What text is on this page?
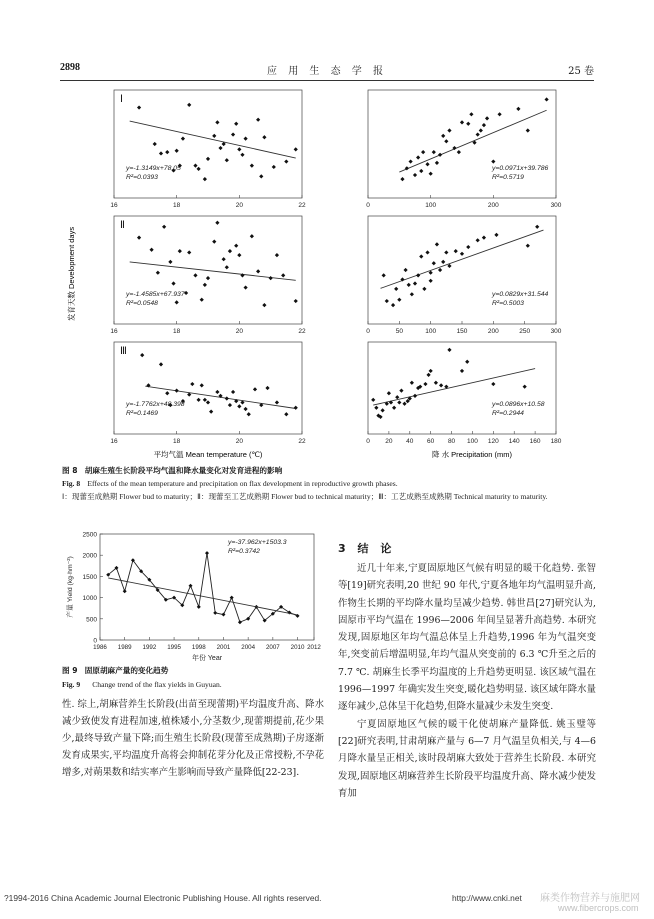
2898	应 用 生 态 学 报	25 卷
16	18	20	22
y=-1.3149x+78.05
R²=0.0393
Ⅰ
0	100	200	300
y=0.0971x+39.786
R²=0.5719
16	18	20	22
y=-1.4585x+67.937
R²=0.0548
Ⅱ
0	50	100	150	200	250	300
y=0.0829x+31.544
R²=0.5003
16	18	20	22
y=-1.7762x+48.398
R²=0.1469
Ⅲ
0 20 40 60 80 100 120 140 160 180
y=0.0896x+10.58
R²=0.2944
发育天数 Development days
平均气温 Mean temperature (℃)	降 水 Precipitation (mm)
图 8 胡麻生殖生长阶段平均气温和降水量变化对发育进程的影响
Fig. 8 Effects of the mean temperature and precipitation on flax development in reproductive growth phases.
Ⅰ：现蕾至成熟期 Flower bud to maturity；Ⅱ：现蕾至工艺成熟期 Flower bud to technical maturity；Ⅲ：工艺成熟至成熟期 Technical maturity to maturity.
0
500
1000
1500
2000
2500
1986 1989 1992 1995 1998 2001 2004 2007 2010 2012
y=-37.962x+1503.3
R²=0.3742
产量 Yield (kg·hm⁻²)
年份 Year
图 9 固原胡麻产量的变化趋势
Fig. 9 Change trend of the flax yields in Guyuan.

性. 综上,胡麻营养生长阶段(出苗至现蕾期)平均温度升高、降水减少致使发育进程加速,植株矮小,分茎数少,现蕾期提前,花少果少,最终导致产量下降;而生殖生长阶段(现蕾至成熟期)子房逐渐发育成果实,平均温度升高将会抑制花芽分化及正常授粉,不孕花增多,对蒴果数和结实率产生影响而导致产量降低[22-23].

3 结 论

近几十年来,宁夏固原地区气候有明显的暖干化趋势. 张智等[19]研究表明,20 世纪 90 年代,宁夏各地年均气温明显升高,作物生长期的平均降水量均呈减少趋势. 韩世昌[27]研究认为,固原市平均气温在 1996—2006 年间呈显著升高趋势. 本研究发现,固原地区年均气温总体呈上升趋势,1996 年为气温突变年,突变前后增温明显,年均气温从突变前的 6.3 ℃升至之后的 7.7 ℃. 胡麻生长季平均温度的上升趋势更明显. 该区域气温在 1996—1997 年确实发生突变,暖化趋势明显. 该区域年降水量逐年减少,总体呈干化趋势,但降水量减少未发生突变.

宁夏固原地区气候的暖干化使胡麻产量降低. 姚玉璧等[22]研究表明,甘肃胡麻产量与 6—7 月气温呈负相关,与 4—6 月降水量呈正相关,该时段胡麻大致处于营养生长阶段. 本研究发现,固原地区胡麻营养生长阶段平均温度升高、降水减少使发育加

?1994-2016 China Academic Journal Electronic Publishing House. All rights reserved.	http://www.cnki.net 麻类作物营养与施肥网
www.fibercrops.com
